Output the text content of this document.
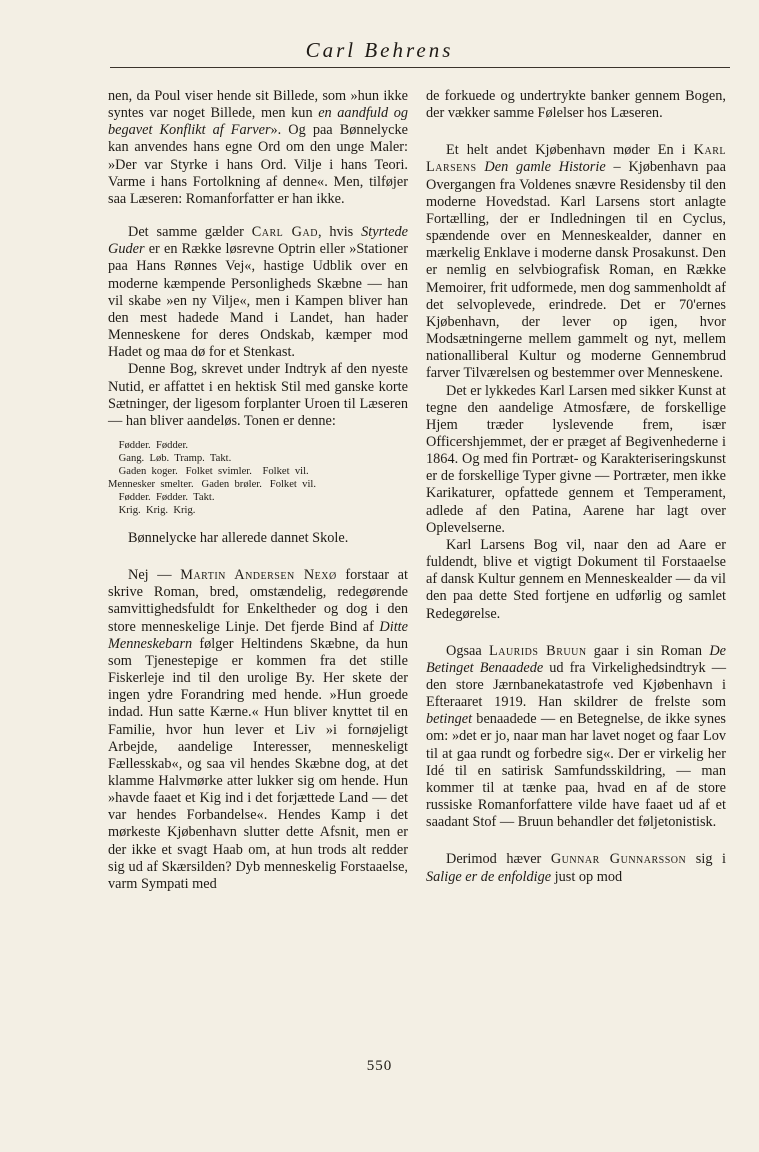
Carl Behrens

nen, da Poul viser hende sit Billede, som »hun ikke syntes var noget Billede, men kun en aandfuld og begavet Konflikt af Farver». Og paa Bønnelycke kan anvendes hans egne Ord om den unge Maler: »Der var Styrke i hans Ord. Vilje i hans Teori. Varme i hans Fortolkning af denne«. Men, tilføjer saa Læseren: Romanforfatter er han ikke.

Det samme gælder Carl Gad, hvis Styrtede Guder er en Række løsrevne Optrin eller »Stationer paa Hans Rønnes Vej«, hastige Udblik over en moderne kæmpende Personligheds Skæbne — han vil skabe »en ny Vilje«, men i Kampen bliver han den mest hadede Mand i Landet, han hader Menneskene for deres Ondskab, kæmper mod Hadet og maa dø for et Stenkast.

Denne Bog, skrevet under Indtryk af den nyeste Nutid, er affattet i en hektisk Stil med ganske korte Sætninger, der ligesom forplanter Uroen til Læseren — han bliver aandeløs. Tonen er denne:

Fødder.  Fødder.
Gang.  Løb.  Tramp.  Takt.
Gaden  koger.   Folket  svimler.    Folket  vil.
Mennesker  smelter.   Gaden  brøler.   Folket  vil.
Fødder.  Fødder.  Takt.
Krig.  Krig.  Krig.

Bønnelycke har allerede dannet Skole.

Nej — Martin Andersen Nexø forstaar at skrive Roman, bred, omstændelig, redegørende samvittighedsfuldt for Enkeltheder og dog i den store menneskelige Linje. Det fjerde Bind af Ditte Menneskebarn følger Heltindens Skæbne, da hun som Tjenestepige er kommen fra det stille Fiskerleje ind til den urolige By. Her skete der ingen ydre Forandring med hende. »Hun groede indad. Hun satte Kærne.« Hun bliver knyttet til en Familie, hvor hun lever et Liv »i fornøjeligt Arbejde, aandelige Interesser, menneskeligt Fællesskab«, og saa vil hendes Skæbne dog, at det klamme Halvmørke atter lukker sig om hende. Hun »havde faaet et Kig ind i det forjættede Land — det var hendes Forbandelse«. Hendes Kamp i det mørkeste Kjøbenhavn slutter dette Afsnit, men er der ikke et svagt Haab om, at hun trods alt redder sig ud af Skærsilden? Dyb menneskelig Forstaaelse, varm Sympati med

de forkuede og undertrykte banker gennem Bogen, der vækker samme Følelser hos Læseren.

Et helt andet Kjøbenhavn møder En i Karl Larsens Den gamle Historie – Kjøbenhavn paa Overgangen fra Voldenes snævre Residensby til den moderne Hovedstad. Karl Larsens stort anlagte Fortælling, der er Indledningen til en Cyclus, spændende over en Menneskealder, danner en mærkelig Enklave i moderne dansk Prosakunst. Den er nemlig en selvbiografisk Roman, en Række Memoirer, frit udformede, men dog sammenholdt af det selvoplevede, erindrede. Det er 70'ernes Kjøbenhavn, der lever op igen, hvor Modsætningerne mellem gammelt og nyt, mellem nationalliberal Kultur og moderne Gennembrud farver Tilværelsen og bestemmer over Menneskene.

Det er lykkedes Karl Larsen med sikker Kunst at tegne den aandelige Atmosfære, de forskellige Hjem træder lyslevende frem, især Officershjemmet, der er præget af Begivenhederne i 1864. Og med fin Portræt- og Karakteriseringskunst er de forskellige Typer givne — Portræter, men ikke Karikaturer, opfattede gennem et Temperament, adlede af den Patina, Aarene har lagt over Oplevelserne.

Karl Larsens Bog vil, naar den ad Aare er fuldendt, blive et vigtigt Dokument til Forstaaelse af dansk Kultur gennem en Menneskealder — da vil den paa dette Sted fortjene en udførlig og samlet Redegørelse.

Ogsaa Laurids Bruun gaar i sin Roman De Betinget Benaadede ud fra Virkelighedsindtryk — den store Jærnbanekatastrofe ved Kjøbenhavn i Efteraaret 1919. Han skildrer de frelste som betinget benaadede — en Betegnelse, de ikke synes om: »det er jo, naar man har lavet noget og faar Lov til at gaa rundt og forbedre sig«. Der er virkelig her Idé til en satirisk Samfundsskildring, — man kommer til at tænke paa, hvad en af de store russiske Romanforfattere vilde have faaet ud af et saadant Stof — Bruun behandler det føljetonistisk.

Derimod hæver Gunnar Gunnarsson sig i Salige er de enfoldige just op mod

550
